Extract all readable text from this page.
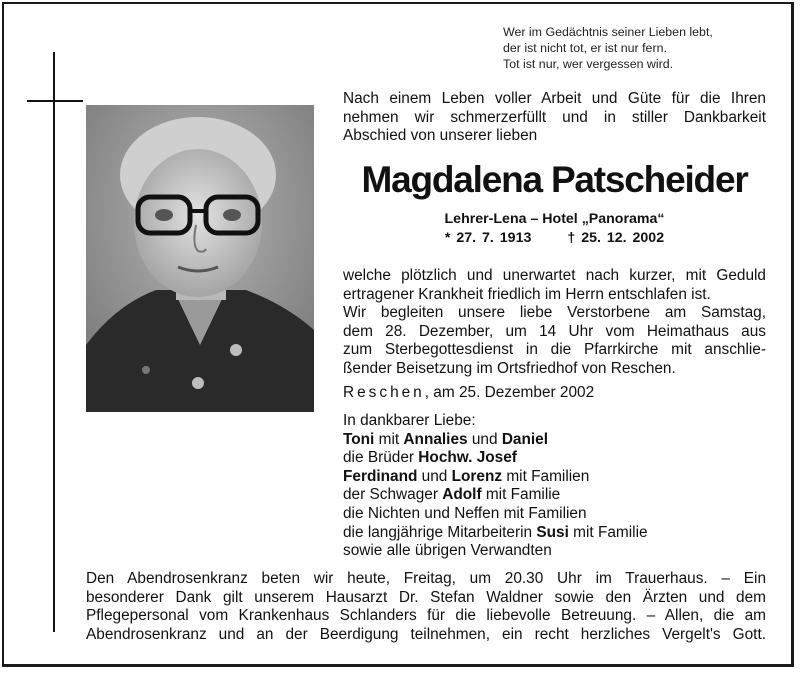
Wer im Gedächtnis seiner Lieben lebt,
der ist nicht tot, er ist nur fern.
Tot ist nur, wer vergessen wird.
Nach einem Leben voller Arbeit und Güte für die Ihren
nehmen wir schmerzerfüllt und in stiller Dankbarkeit
Abschied von unserer lieben
Magdalena Patscheider
Lehrer-Lena – Hotel „Panorama“
* 27. 7. 1913	† 25. 12. 2002
welche plötzlich und unerwartet nach kurzer, mit Geduld
ertragener Krankheit friedlich im Herrn entschlafen ist.
Wir begleiten unsere liebe Verstorbene am Samstag,
dem 28. Dezember, um 14 Uhr vom Heimathaus aus
zum Sterbegottesdienst in die Pfarrkirche mit anschlie-
ßender Beisetzung im Ortsfriedhof von Reschen.
Reschen, am 25. Dezember 2002
In dankbarer Liebe:
Toni mit Annalies und Daniel
die Brüder Hochw. Josef
Ferdinand und Lorenz mit Familien
der Schwager Adolf mit Familie
die Nichten und Neffen mit Familien
die langjährige Mitarbeiterin Susi mit Familie
sowie alle übrigen Verwandten
Den Abendrosenkranz beten wir heute, Freitag, um 20.30 Uhr im Trauerhaus. – Ein
besonderer Dank gilt unserem Hausarzt Dr. Stefan Waldner sowie den Ärzten und dem
Pflegepersonal vom Krankenhaus Schlanders für die liebevolle Betreuung. – Allen, die am
Abendrosenkranz und an der Beerdigung teilnehmen, ein recht herzliches Vergelt's Gott.
